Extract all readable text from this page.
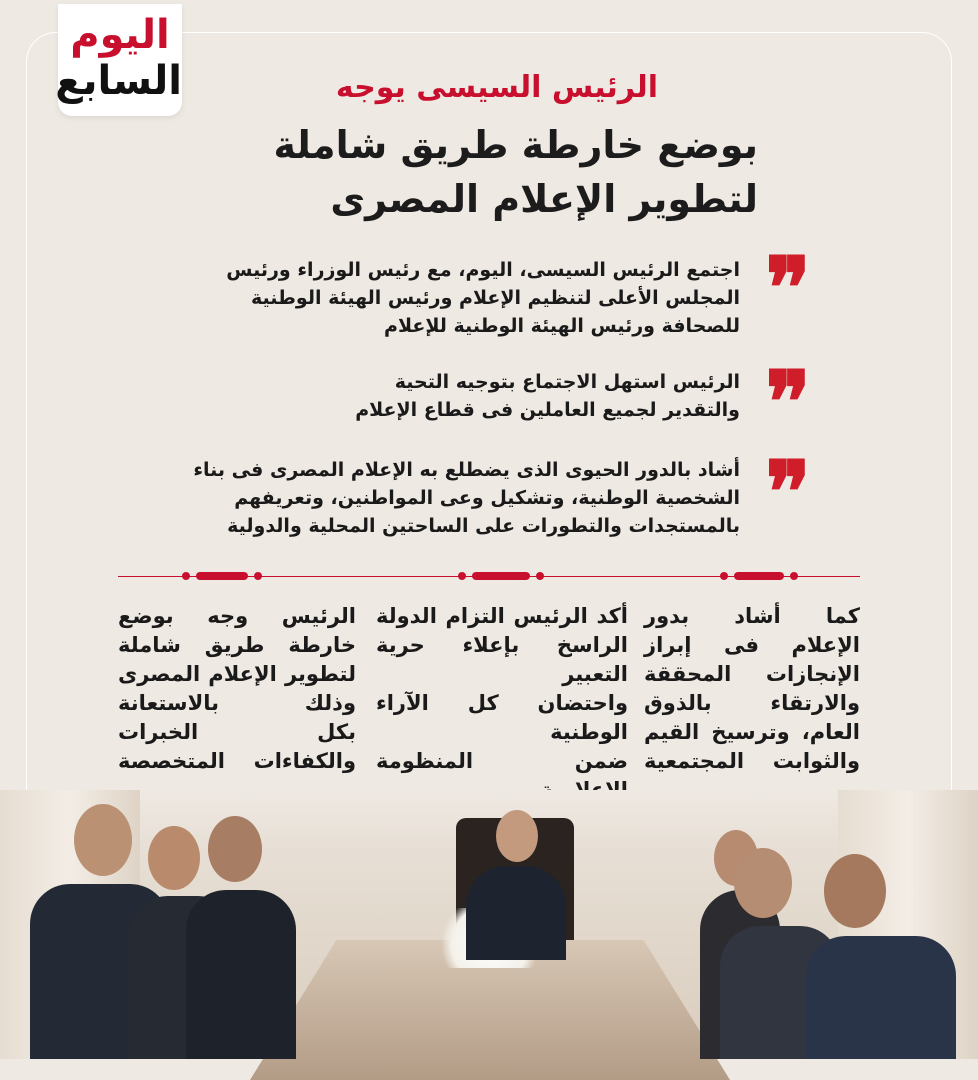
اليوم
السابع	الرئيس السيسى يوجه
بوضع خارطة طريق شاملة
لتطوير الإعلام المصرى
❞
اجتمع الرئيس السيسى، اليوم، مع رئيس الوزراء ورئيس
المجلس الأعلى لتنظيم الإعلام ورئيس الهيئة الوطنية
للصحافة ورئيس الهيئة الوطنية للإعلام
❞
الرئيس استهل الاجتماع بتوجيه التحية
والتقدير لجميع العاملين فى قطاع الإعلام
❞
أشاد بالدور الحيوى الذى يضطلع به الإعلام المصرى فى بناء
الشخصية الوطنية، وتشكيل وعى المواطنين، وتعريفهم
بالمستجدات والتطورات على الساحتين المحلية والدولية
كما أشاد بدور
الإعلام فى إبراز
الإنجازات المحققة
والارتقاء بالذوق
العام، وترسيخ القيم
والثوابت المجتمعية
أكد الرئيس التزام الدولة
الراسخ بإعلاء حرية التعبير
واحتضان كل الآراء الوطنية
ضمن المنظومة
الرئيس وجه بوضع
خارطة طريق شاملة
لتطوير الإعلام المصرى
وذلك بالاستعانة
بكل الخبرات
والكفاءات المتخصصة
